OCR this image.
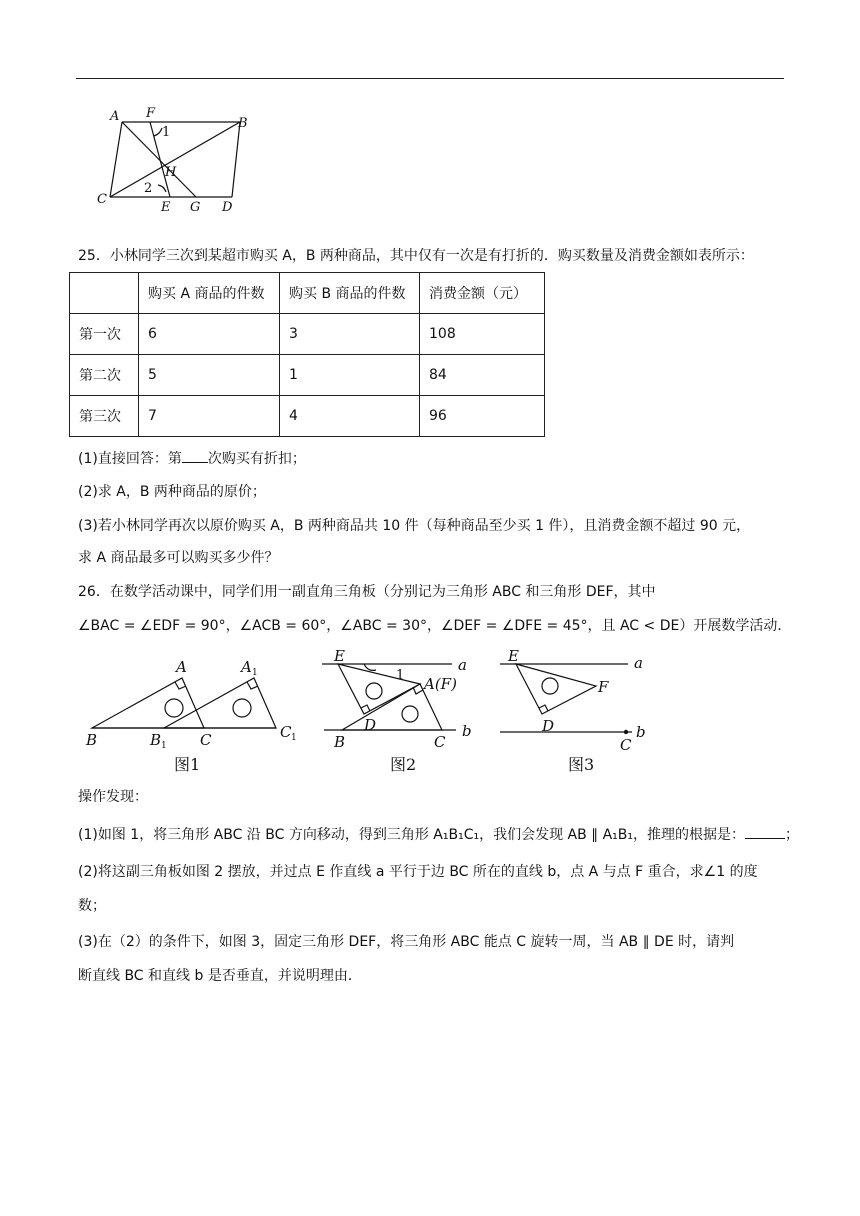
A F
1
B
H
2
C
E G D
25．小林同学三次到某超市购买 A，B 两种商品，其中仅有一次是有打折的．购买数量及消费金额如表所示：
	购买 A 商品的件数	购买 B 商品的件数	消费金额（元）
第一次	6	3	108
第二次	5	1	84
第三次	7	4	96
(1)直接回答：第 次购买有折扣；
(2)求 A，B 两种商品的原价；
(3)若小林同学再次以原价购买 A，B 两种商品共 10 件（每种商品至少买 1 件），且消费金额不超过 90 元，
求 A 商品最多可以购买多少件？
26．在数学活动课中，同学们用一副直角三角板（分别记为三角形 ABC 和三角形 DEF，其中
∠BAC = ∠EDF = 90°，∠ACB = 60°，∠ABC = 30°，∠DEF = ∠DFE = 45°，且 AC < DE）开展数学活动．
A	A 1
B	B 1 C	C 1
图1
E	a
1 A(F)
D
B	C
b
图2
E	a
F
D	b
C
图3
操作发现：
(1)如图 1，将三角形 ABC 沿 BC 方向移动，得到三角形 A₁B₁C₁，我们会发现 AB ∥ A₁B₁，推理的根据是：	；
(2)将这副三角板如图 2 摆放，并过点 E 作直线 a 平行于边 BC 所在的直线 b，点 A 与点 F 重合，求∠1 的度
数；
(3)在（2）的条件下，如图 3，固定三角形 DEF，将三角形 ABC 能点 C 旋转一周，当 AB ∥ DE 时，请判
断直线 BC 和直线 b 是否垂直，并说明理由．
